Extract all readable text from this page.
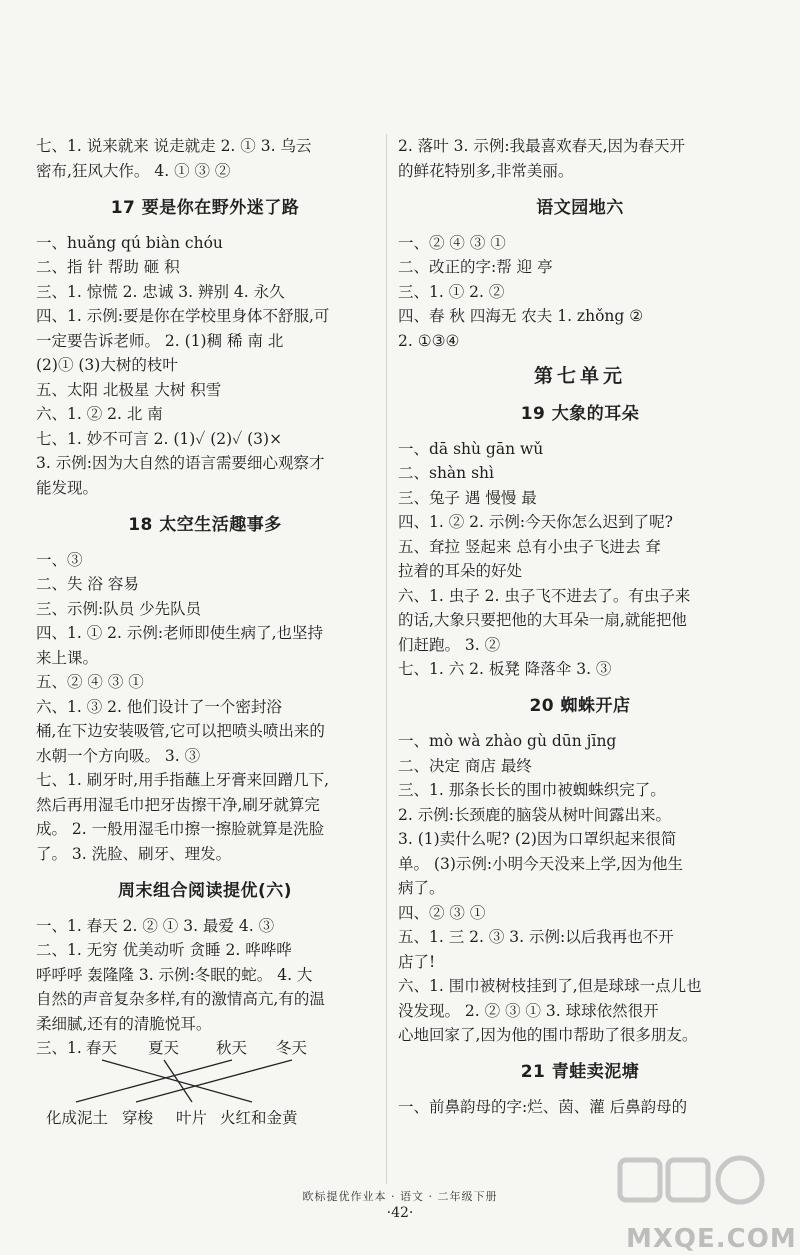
七、1. 说来就来 说走就走 2. ① 3. 乌云
密布,狂风大作。 4. ① ③ ②
17 要是你在野外迷了路
一、huǎng qú biàn chóu
二、指 针 帮助 砸 积
三、1. 惊慌 2. 忠诚 3. 辨别 4. 永久
四、1. 示例:要是你在学校里身体不舒服,可
一定要告诉老师。 2. (1)稠 稀 南 北
(2)① (3)大树的枝叶
五、太阳 北极星 大树 积雪
六、1. ② 2. 北 南
七、1. 妙不可言 2. (1)✓ (2)✓ (3)×
3. 示例:因为大自然的语言需要细心观察才
能发现。
18 太空生活趣事多
一、③
二、失 浴 容易
三、示例:队员 少先队员
四、1. ① 2. 示例:老师即使生病了,也坚持
来上课。
五、② ④ ③ ①
六、1. ③ 2. 他们设计了一个密封浴
桶,在下边安装吸管,它可以把喷头喷出来的
水朝一个方向吸。 3. ③
七、1. 刷牙时,用手指蘸上牙膏来回蹭几下,
然后再用湿毛巾把牙齿擦干净,刷牙就算完
成。 2. 一般用湿毛巾擦一擦脸就算是洗脸
了。 3. 洗脸、刷牙、理发。
周末组合阅读提优(六)
一、1. 春天 2. ② ① 3. 最爱 4. ③
二、1. 无穷 优美动听 贪睡 2. 哗哗哗
呼呼呼 轰隆隆 3. 示例:冬眠的蛇。 4. 大
自然的声音复杂多样,有的激情高亢,有的温
柔细腻,还有的清脆悦耳。
三、1. 春天 夏天 秋天 冬天
化成泥土 穿梭 叶片 火红和金黄
2. 落叶 3. 示例:我最喜欢春天,因为春天开
的鲜花特别多,非常美丽。
语文园地六
一、② ④ ③ ①
二、改正的字:帮 迎 亭
三、1. ① 2. ②
四、春 秋 四海无 农夫 1. zhǒng ②
2. ①③④
第七单元
19 大象的耳朵
一、dā shù gān wǔ
二、shàn shì
三、兔子 遇 慢慢 最
四、1. ② 2. 示例:今天你怎么迟到了呢?
五、耷拉 竖起来 总有小虫子飞进去 耷
拉着的耳朵的好处
六、1. 虫子 2. 虫子飞不进去了。有虫子来
的话,大象只要把他的大耳朵一扇,就能把他
们赶跑。 3. ②
七、1. 六 2. 板凳 降落伞 3. ③
20 蜘蛛开店
一、mò wà zhào gù dūn jīng
二、决定 商店 最终
三、1. 那条长长的围巾被蜘蛛织完了。
2. 示例:长颈鹿的脑袋从树叶间露出来。
3. (1)卖什么呢? (2)因为口罩织起来很简
单。 (3)示例:小明今天没来上学,因为他生
病了。
四、② ③ ①
五、1. 三 2. ③ 3. 示例:以后我再也不开
店了!
六、1. 围巾被树枝挂到了,但是球球一点儿也
没发现。 2. ② ③ ① 3. 球球依然很开
心地回家了,因为他的围巾帮助了很多朋友。
21 青蛙卖泥塘
一、前鼻韵母的字:烂、茵、灌 后鼻韵母的
欧标提优作业本 · 语文 · 二年级下册
·42·
MXQE.COM
